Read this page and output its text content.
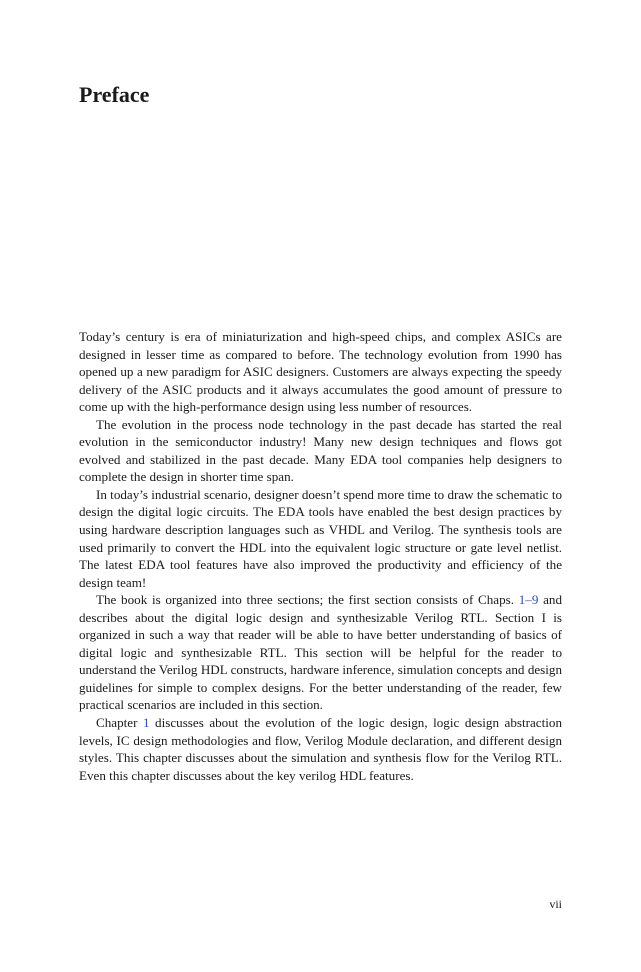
Preface

Today’s century is era of miniaturization and high-speed chips, and complex ASICs are designed in lesser time as compared to before. The technology evolution from 1990 has opened up a new paradigm for ASIC designers. Customers are always expecting the speedy delivery of the ASIC products and it always accumulates the good amount of pressure to come up with the high-performance design using less number of resources.

The evolution in the process node technology in the past decade has started the real evolution in the semiconductor industry! Many new design techniques and flows got evolved and stabilized in the past decade. Many EDA tool companies help designers to complete the design in shorter time span.

In today’s industrial scenario, designer doesn’t spend more time to draw the schematic to design the digital logic circuits. The EDA tools have enabled the best design practices by using hardware description languages such as VHDL and Verilog. The synthesis tools are used primarily to convert the HDL into the equivalent logic structure or gate level netlist. The latest EDA tool features have also improved the productivity and efficiency of the design team!

The book is organized into three sections; the first section consists of Chaps. 1–9 and describes about the digital logic design and synthesizable Verilog RTL. Section I is organized in such a way that reader will be able to have better understanding of basics of digital logic and synthesizable RTL. This section will be helpful for the reader to understand the Verilog HDL constructs, hardware inference, simulation concepts and design guidelines for simple to complex designs. For the better understanding of the reader, few practical scenarios are included in this section.

Chapter 1 discusses about the evolution of the logic design, logic design abstraction levels, IC design methodologies and flow, Verilog Module declaration, and different design styles. This chapter discusses about the simulation and synthesis flow for the Verilog RTL. Even this chapter discusses about the key verilog HDL features.

vii
